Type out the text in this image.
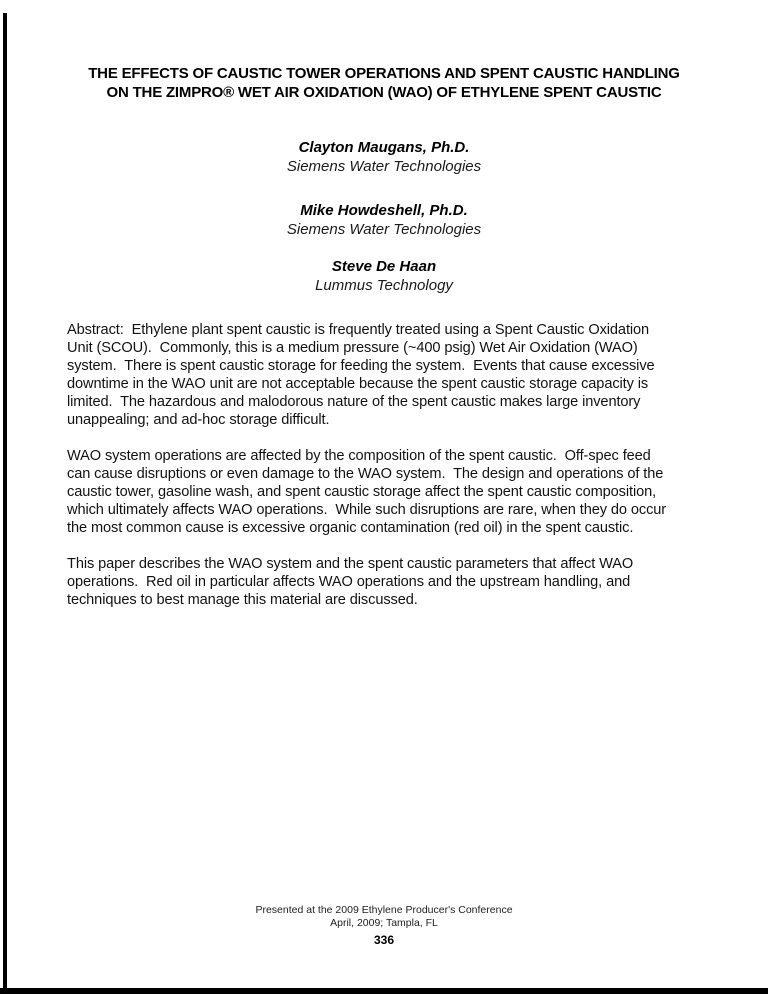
THE EFFECTS OF CAUSTIC TOWER OPERATIONS AND SPENT CAUSTIC HANDLING
ON THE ZIMPRO® WET AIR OXIDATION (WAO) OF ETHYLENE SPENT CAUSTIC
Clayton Maugans, Ph.D.
Siemens Water Technologies
Mike Howdeshell, Ph.D.
Siemens Water Technologies
Steve De Haan
Lummus Technology
Abstract:  Ethylene plant spent caustic is frequently treated using a Spent Caustic Oxidation
Unit (SCOU).  Commonly, this is a medium pressure (~400 psig) Wet Air Oxidation (WAO)
system.  There is spent caustic storage for feeding the system.  Events that cause excessive
downtime in the WAO unit are not acceptable because the spent caustic storage capacity is
limited.  The hazardous and malodorous nature of the spent caustic makes large inventory
unappealing; and ad-hoc storage difficult.
WAO system operations are affected by the composition of the spent caustic.  Off-spec feed
can cause disruptions or even damage to the WAO system.  The design and operations of the
caustic tower, gasoline wash, and spent caustic storage affect the spent caustic composition,
which ultimately affects WAO operations.  While such disruptions are rare, when they do occur
the most common cause is excessive organic contamination (red oil) in the spent caustic.
This paper describes the WAO system and the spent caustic parameters that affect WAO
operations.  Red oil in particular affects WAO operations and the upstream handling, and
techniques to best manage this material are discussed.
Presented at the 2009 Ethylene Producer's Conference
April, 2009; Tampla, FL
336
